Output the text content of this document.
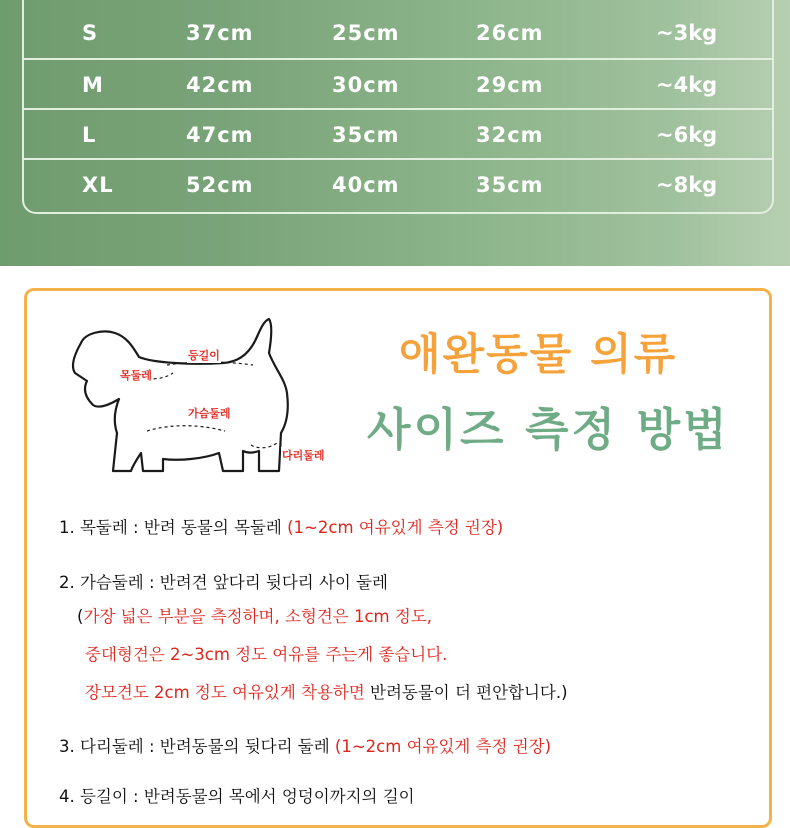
S	37cm	25cm	26cm	~3kg
M	42cm	30cm	29cm	~4kg
L	47cm	35cm	32cm	~6kg
XL	52cm	40cm	35cm	~8kg
등길이
목둘레
가슴둘레
다리둘레
애완동물 의류
사이즈 측정 방법
1. 목둘레 : 반려 동물의 목둘레 (1~2cm 여유있게 측정 권장)
2. 가슴둘레 : 반려견 앞다리 뒷다리 사이 둘레
(가장 넓은 부분을 측정하며, 소형견은 1cm 정도,
중대형견은 2~3cm 정도 여유를 주는게 좋습니다.
장모견도 2cm 정도 여유있게 착용하면 반려동물이 더 편안합니다.)
3. 다리둘레 : 반려동물의 뒷다리 둘레 (1~2cm 여유있게 측정 권장)
4. 등길이 : 반려동물의 목에서 엉덩이까지의 길이
